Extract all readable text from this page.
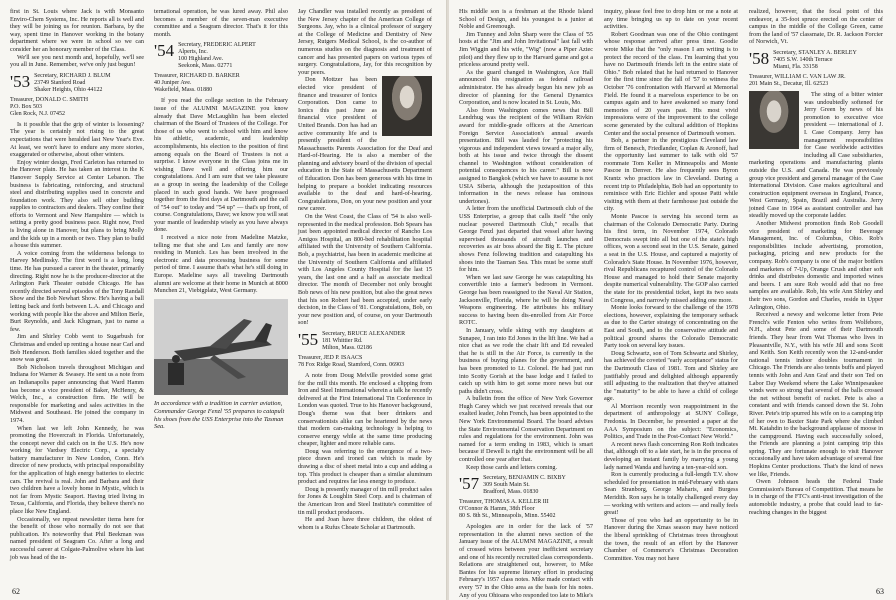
first in St. Louis where Jack is with Monsanto Enviro-Chem Systems, Inc. He reports all is well and they will be joining us for reunion. Barbara, by the way, spent time in Hanover working in the botany department where we were in school so we can consider her an honorary member of the Class.

We'll see you next month and, hopefully, we'll see you all in June. Remember, we've only just begun!

'53 Secretary, RICHARD J. BLUM
23749 Stanford Road
Shaker Heights, Ohio 44122
Treasurer, DONALD C. SMITH
P.O. Box 503
Glen Rock, N.J. 07452

Is it possible that the grip of winter is loosening? The year is certainly not rising to the great expectations that were heralded last New Year's Eve. At least, we won't have to endure any more stories, exaggerated or otherwise, about other winters.

Enjoy winter design, Fred Carleton has returned to the Hanover plain. He has taken an interest in the K Hanover Supply Service at Center Lebanon. The business is fabricating, reinforcing, and structural steel and distributing supplies used in concrete and foundation work. They also sell other building supplies to contractors and dealers. They confine their efforts to Vermont and New Hampshire — which is setting a pretty good business pace. Right now, Fred is living alone in Hanover, but plans to bring Molly and the kids up in a month or two. They plan to build a house this summer.

A voice coming from the wilderness belongs to Harvey Medlinsky. The first word is a long, long time. He has pursued a career in the theater, primarily directing. Right now he is the producer-director at the Arlington Park Theater outside Chicago. He has recently directed several episodes of the Tony Randall Show and the Bob Newhart Show. He's having a ball letting back and forth between L.A. and Chicago and working with people like the above and Milton Berle, Burt Reynolds, and Jack Klugman, just to name a few.

Jim and Shirley Cobb went to Sugarbush for Christmas and ended up renting a house near Carl and Bob Henderson. Both families skied together and the snow was great.

Bob Nicholson travels throughout Michigan and Indiana for Warner & Swasey. He sent us a note from an Indianapolis paper announcing that Ward Hamm has become a vice president of Baker, McHenry, & Welch, Inc., a construction firm. He will be responsible for marketing and sales activities in the Midwest and Southeast. He joined the company in 1974.

When last we left John Kennedy, he was promoting the Hovercraft in Florida. Unfortunately, the concept never did catch on in the U.S. He's now working for Vardsey Electric Corp., a specialty battery manufacturer in New London, Conn. He's director of new products, with principal responsibility for the application of high energy batteries to electric cars. The revival is real. John and Barbara and their two children have a lovely home in Mystic, which is not far from Mystic Seaport. Having tried living in Texas, California, and Florida, they believe there's no place like New England.

Occasionally, we repeat newsletter items here for the benefit of those who normally do not see that publication. It's noteworthy that Phil Beekman was named president of Seagram Co. After a long and successful career at Colgate-Palmolive where his last job was head of the in-

ternational operation, he was lured away. Phil also becomes a member of the seven-man executive committee and a Seagram director. That's it for this month.

'54 Secretary, FREDERIC ALPERT
Alperts, Inc.
100 Highland Ave.
Seekonk, Mass. 02771
Treasurer, RICHARD D. BARKER
40 Juniper Ave.
Wakefield, Mass. 01880

If you read the college section in the February issue of the ALUMNI MAGAZINE you know already that Dave McLaughlin has been elected chairman of the Board of Trustees of the College. For those of us who went to school with him and know his athletic, academic, and leadership accomplishments, his election to the position of first among equals on the Board of Trustees is not a surprise. I know everyone in the Class joins me in wishing Dave well and offering him our congratulations. And I am sure that we take pleasure as a group in seeing the leadership of the College placed in such good hands. We have progressed together from the first days at Dartmouth and the call of "54 out" to today and "54 up" — that's up front, of course. Congratulations, Dave; we know you will seat your mantle of leadership wisely as you have always done.

I received a nice note from Madeline Matzke, telling me that she and Les and family are now residing in Munich. Les has been involved in the electronic and data processing business for some period of time. I assume that's what he's still doing in Europe. Madeline says all traveling Dartmouth alumni are welcome at their home in Munich at 8000 Munchen 21, Viebigplatz, West Germany.

In accordance with a tradition in carrier aviation, Commander George Fenzl '55 prepares to catapult his shoes from the USS Enterprise into the Tasman Sea.

Jay Chandler was installed recently as president of the New Jersey chapter of the American College of Surgeons. Jay, who is a clinical professor of surgery at the College of Medicine and Dentistry of New Jersey, Rutgers Medical School, is the co-author of numerous studies on the diagnosis and treatment of cancer and has presented papers on various types of surgery. Congratulations, Jay, for this recognition by your peers.

Don Mottzer has been elected vice president of finance and treasurer of Ionics Corporation. Don came to Ionics this past June as financial vice president of United Brands. Don has had an active community life and is presently president of the Massachusetts Parents Association for the Deaf and Hard-of-Hearing. He is also a member of the planning and advisory board of the division of special education in the State of Massachusetts Department of Education. Don has been generous with his time in helping to prepare a booklet indicating resources available to the deaf and hard-of-hearing. Congratulations, Don, on your new position and your new career.

On the West Coast, the Class of '54 is also well-represented in the medical profession. Bob Spears has just been appointed medical director of Rancho Los Amigos Hospital, an 800-bed rehabilitation hospital affiliated with the University of Southern California. Bob, a psychiatrist, has been in academic medicine at the University of Southern California and affiliated with Los Angeles County Hospital for the last 15 years, the last one and a half as associate medical director. The month of December not only brought Bob news of his new position, but also the great news that his son Robert had been accepted, under early decision, in the Class of '81. Congratulations, Bob, on your new position and, of course, on your Dartmouth son!

'55 Secretary, BRUCE ALEXANDER
181 Whittier Rd.
Milton, Mass. 02186
Treasurer, JED P. ISAACS
78 Fox Ridge Road, Stamford, Conn. 06903

A note from Doug Melville provided some grist for the mill this month. He enclosed a clipping from Iron and Steel International wherein a talk he recently delivered at the First International Tin Conference in London was quoted. True to his Hanover background, Doug's theme was that beer drinkers and conservationists alike can be heartened by the news that modern can-making technology is helping to conserve energy while at the same time producing cheaper, lighter and more reliable cans.

Doug was referring to the emergence of a two-piece drawn and ironed can which is made by drawing a disc of sheet metal into a cup and adding a top. This product is cheaper than a similar aluminum product and requires far less energy to produce.

Doug is presently manager of tin mill product sales for Jones & Loughlin Steel Corp. and is chairman of the American Iron and Steel Institute's committee of tin mill product producers.

He and Joan have three children, the oldest of whom is a Rufus Choate Scholar at Dartmouth.

62

His middle son is a freshman at the Rhode Island School of Design, and his youngest is a junior at Noble and Greenough.

Jim Tunney and John Sharp were the Class of '55 hosts at the "Jim and John Invitational" last fall with Jim Wiggin and his wife, "Wig" (now a Piper Aztec pilot) and they flew up to the Harvard game and got a priceless around pretty well.

As the guard changed in Washington, Ace Hall announced his resignation as federal railroad administrator. He has already begun his new job as director of planning for the General Dynamics Corporation, and is now located in St. Louis, Mo.

Also from Washington comes news that Bill Lendrhug was the recipient of the William Rivkin award for middle-grade officers at the American Foreign Service Association's annual awards presentation. Bill was lauded for "protecting his vigorous and independent views toward a major ally, both at his issue and twice through the dissent channel to Washington without consideration of potential consequences to his career." Bill is now assigned to Bangkok (which we have to assume is not USIA Siberia, although the juxtaposition of this information in the news release has ominous undertones).

A letter from the unofficial Dartmouth club of the USS Enterprise, a group that calls itself "the only nuclear powered Dartmouth Club," recalls that George Fenzl just departed that vessel after having supervised thousands of aircraft launches and recoveries as air boss aboard the Big E. The picture shows Fenz following tradition and catapulting his shoes into the Tasman Sea. This must be some stuff for him.

When we last saw George he was catapulting his convertible into a farmer's bedroom in Vermont. George has been reassigned to the Naval Air Station, Jacksonville, Florida, where he will be doing Naval Weapons engineering. He attributes his military success to having been dis-enrolled from Air Force ROTC.

In January, while skiing with my daughters at Sunapee, I ran into Ed Jones in the lift line. We had a nice chat as we rode the chair lift and Ed revealed that he is still in the Air Force, is currently in the business of buying planes for the government, and has been promoted to Lt. Colonel. He had just run into Scotty Gorish at the base lodge and I failed to catch up with him to get some more news but our paths didn't cross.

A bulletin from the office of New York Governor Hugh Carey which we just received reveals that our exalted leader, John French, has been appointed to the New York Environmental Board. The board advises the State Environmental Conservation Department on rules and regulations for the environment. John was named for a term ending in 1983, which is smart because if Dewell is right the environment will be all controlled one year after that.

Keep those cards and letters coming.

'57 Secretary, BENJAMIN C. BIXBY
309 South Main St.
Bradford, Mass. 01830
Treasurer, THOMAS A. KELLER III
O'Connor & Hamm, 38th Floor
80 S. 8th St., Minneapolis, Minn. 55402

Apologies are in order for the lack of '57 representation in the alumni news section of the January issue of the ALUMNI MAGAZINE, a result of crossed wires between your inefficient secretary and one of his recently recruited class correspondents. Relations are straightened out, however, to Mike Bantes for his supreme literary effort in producing February's 1957 class notes. Mike made contact with every '57 in the Ohio area as the basis for his notes. Any of you Ohioans who responded too late to Mike's

inquiry, please feel free to drop him or me a note at any time bringing us up to date on your recent activities.

Robert Goodman was one of the Ohio contingent whose response arrived after press time. Goodie wrote Mike that the "only reason I am writing is to protect the record of the class. I'm learning that you have no Dartmouth friends left in the entire state of Ohio." Bob related that he had returned to Hanover for the first time since the fall of '57 to witness the October '76 confrontation with Harvard at Memorial Field. He found it a marvelous experience to be on campus again and to have awakened so many fond memories of 20 years past. His most vivid impressions were of the improvement to the college scene generated by the cultural addition of Hopkins Center and the social presence of Dartmouth women.

Bob, a partner in the prestigious Cleveland law firm of Benesch, Friedlander, Coplan & Aronoff, had the opportunity last summer to talk with old '57 roommate Tom Keller in Minneapolis and Monte Pascoe in Denver. He also frequently sees Byron Krantz who practices law in Cleveland. During a recent trip to Philadelphia, Bob had an opportunity to reminisce with Eric Eichler and spouse Patti while visiting with them at their farmhouse just outside the city.

Monte Pascoe is serving his second term as chairman of the Colorado Democratic Party. During his first term, in November 1974, Colorado Democrats swept into all but one of the state's high offices, won a second seat in the U.S. Senate, gained a seat in the U.S. House, and captured a majority of Colorado's State House. In November 1976, however, rival Republicans recaptured control of the Colorado House and managed to hold their Senate majority despite numerical vulnerability. The GOP also carried the state for its presidential ticket, kept its two seats in Congress, and narrowly missed adding one more.

Monte looks forward to the challenge of the 1978 elections, however, explaining the temporary setback as due to the Carter strategy of concentrating on the East and South, and to the conservative attitude and political ground shares the Colorado Democratic Party took on several key issues.

Doug Schwartz, son of Tom Schwartz and Shirley, has achieved the coveted "early acceptance" status for the Dartmouth Class of 1981. Tom and Shirley are justifiably proud and delighted although apparently still adjusting to the realization that they've attained the "maturity" to be able to have a child of college age.

Al Morrison recently won reappointment in the department of anthropology at SUNY College, Fredonia. In December, he presented a paper at the AAA Symposium on the subject: "Economics, Politics, and Trade in the Post-Contact New World."

A recent news flash concerning Ron Roth indicates that, although off to a late start, he is in the process of developing an instant family by marrying a young lady named Wanda and having a ten-year-old son.

Ron is currently producing a full-length T.V. show scheduled for presentation in mid-February with stars Sean Stranborg, George Maharis, and Burgess Meridith. Ron says he is totally challenged every day — working with writers and actors — and really feels great!

Those of you who had an opportunity to be in Hanover during the Xmas season may have noticed the liberal sprinkling of Christmas trees throughout the town, the result of an effort by the Hanover Chamber of Commerce's Christmas Decoration Committee. You may not have

realized, however, that the focal point of this endeavor, a 35-foot spruce erected on the center of campus in the middle of the College Green, came from the land of '57 classmate, Dr. R. Jackson Forcier of Norwich, Vt.

'58 Secretary, STANLEY A. BERLEY
7405 S.W. 140th Terrace
Miami, Fla. 33158
Treasurer, WILLIAM C. VAN LAW JR.
201 Main St., Decatur, Ill. 62523

The sting of a bitter winter was undoubtedly softened for Jerry Green by news of his promotion to executive vice president — international of J. I. Case Company. Jerry has management responsibilities for Case worldwide activities including all Case subsidiaries, marketing operations and manufacturing plants outside the U.S. and Canada. He was previously group vice president and general manager of the Case International Division. Case makes agricultural and construction equipment overseas in England, France, West Germany, Spain, Brazil and Australia. Jerry joined Case in 1964 as assistant controller and has steadily moved up the corporate ladder.

Another Midwest promotion finds Rob Goodell vice president of marketing for Beverage Management, Inc. of Columbus, Ohio. Rob's responsibilities include advertising, promotion, packaging, pricing and new products for the company. Rob's company is one of the major bottlers and marketers of 7-Up, Orange Crush and other soft drinks and distributes domestic and imported wines and beers. I am sure Rob would add that no free samples are available. Rob, his wife Ann Shirley and their two sons, Gordon and Charles, reside in Upper Arlington, Ohio.

Received a newsy and welcome letter from Pete French's wife Fenton who writes from Wolfeboro, N.H., about Pete and some of their Dartmouth friends. They hear from Wat Thomas who lives in Pleasantville, N.Y., with his wife Jill and sons Scott and Keith. Son Keith recently won the 12-and-under national tennis indoor doubles tournament in Chicago. The Friends are also tennis buffs and played tennis with John and Ann Graf and their son Ted on Labor Day Weekend where the Lake Winnipesaukee winds were so strong that several of the balls crossed the net without benefit of racket. Pete is also a constant and with friends canoed down the St. John River. Pete's trip spurred his wife on to a camping trip of her own to Baxter State Park where she climbed Mt. Katahdin to the background applause of moose in the campground. Having each successfully soloed, the Friends are planning a joint camping trip this spring. They are fortunate enough to visit Hanover occasionally and have taken advantage of several fine Hopkins Center productions. That's the kind of news we like, Friends.

Owen Johnson heads the Federal Trade Commission's Bureau of Competition. That means he is in charge of the FTC's anti-trust investigation of the automobile industry, a probe that could lead to far-reaching changes in the biggest

63
